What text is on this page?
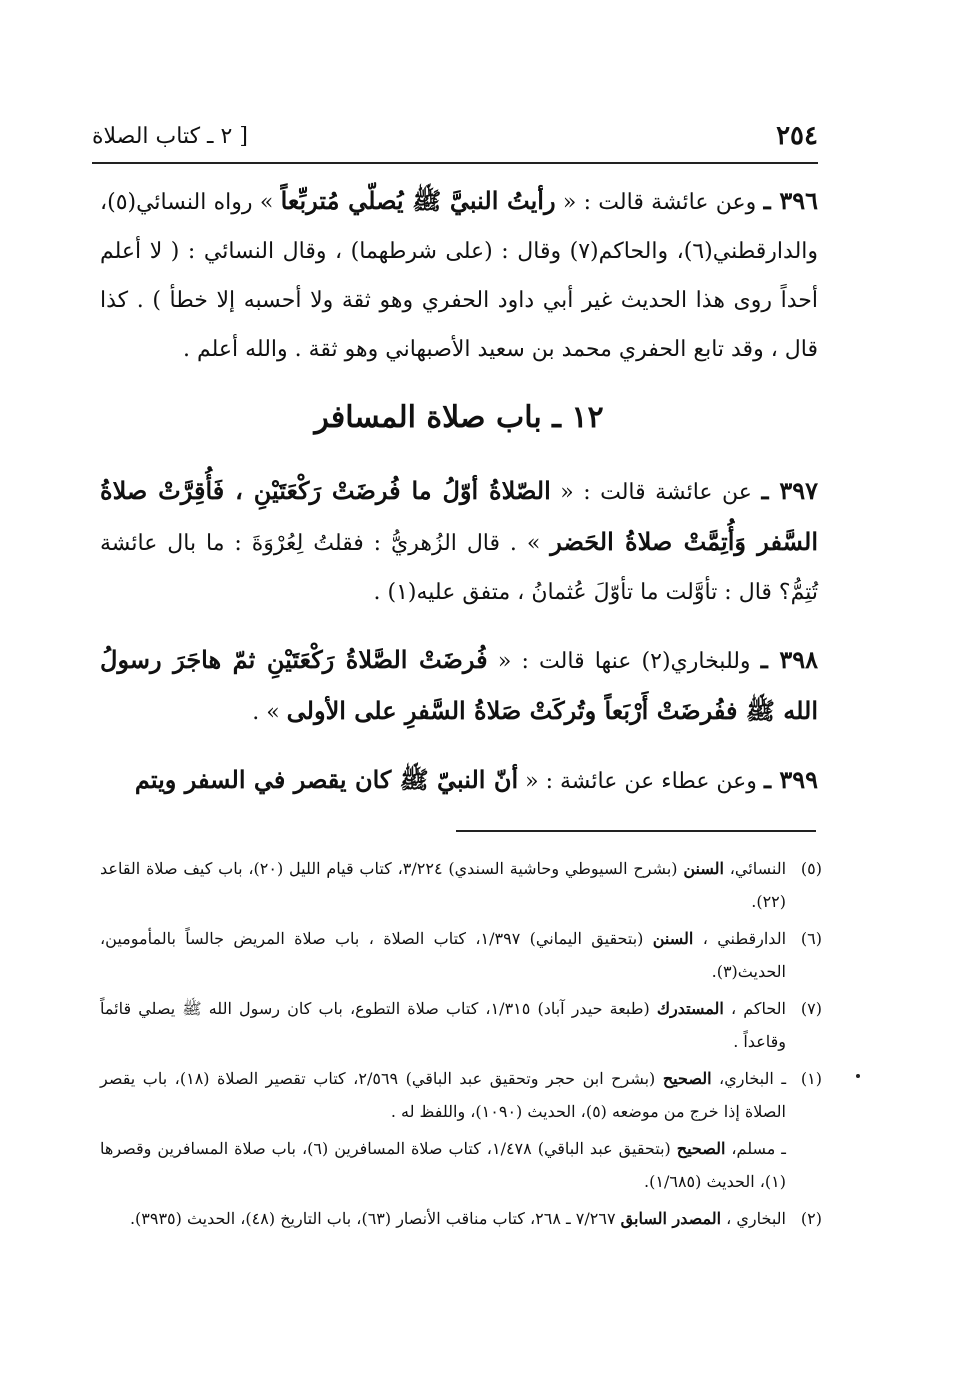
٢٥٤
[ ٢ ـ كتاب الصلاة

٣٩٦ ـ وعن عائشة قالت : « رأيتُ النبيَّ ﷺ يُصلّي مُتربِّعاً » رواه النسائي(٥)، والدارقطني(٦)، والحاكم(٧) وقال : (على شرطهما) ، وقال النسائي : ( لا أعلم أحداً روى هذا الحديث غير أبي داود الحفري وهو ثقة ولا أحسبه إلا خطأ ) . كذا قال ، وقد تابع الحفري محمد بن سعيد الأصبهاني وهو ثقة . والله أعلم .

١٢ ـ باب صلاة المسافر

٣٩٧ ـ عن عائشة قالت : « الصّلاةُ أوّلُ ما فُرضَتْ رَكْعَتَيْنِ ، فَأُقِرَّتْ صلاةُ السَّفر وَأُتِمَّتْ صلاةُ الحَضر » . قال الزُهريُّ : فقلتُ لِعُرْوَةَ : ما بال عائشة تُتِمُّ؟ قال : تأوَّلت ما تأوّلَ عُثمانُ ، متفق عليه(١) .

٣٩٨ ـ وللبخاري(٢) عنها قالت : « فُرضَتْ الصَّلاةُ رَكْعَتَيْنِ ثمّ هاجَرَ رسولُ الله ﷺ ففُرضَتْ أَرْبَعاً وتُركَتْ صَلاةُ السَّفرِ على الأولى » .

٣٩٩ ـ وعن عطاء عن عائشة : « أنّ النبيّ ﷺ كان يقصر في السفر ويتم

(٥)
النسائي، السنن (بشرح السيوطي وحاشية السندي) ٣/٢٢٤، كتاب قيام الليل (٢٠)، باب كيف صلاة القاعد (٢٢).
(٦)
الدارقطني ، السنن (بتحقيق اليماني) ١/٣٩٧، كتاب الصلاة ، باب صلاة المريض جالساً بالمأمومين، الحديث(٣).
(٧)
الحاكم ، المستدرك (طبعة حيدر آباد) ١/٣١٥، كتاب صلاة التطوع، باب كان رسول الله ﷺ يصلي قائماً وقاعداً .
(١)
ـ البخاري، الصحيح (بشرح ابن حجر وتحقيق عبد الباقي) ٢/٥٦٩، كتاب تقصير الصلاة (١٨)، باب يقصر الصلاة إذا خرج من موضعه (٥)، الحديث (١٠٩٠)، واللفظ له .
ـ مسلم، الصحيح (بتحقيق عبد الباقي) ١/٤٧٨، كتاب صلاة المسافرين (٦)، باب صلاة المسافرين وقصرها (١)، الحديث (١/٦٨٥).
(٢)
البخاري ، المصدر السابق ٧/٢٦٧ ـ ٢٦٨، كتاب مناقب الأنصار (٦٣)، باب التاريخ (٤٨)، الحديث (٣٩٣٥).
